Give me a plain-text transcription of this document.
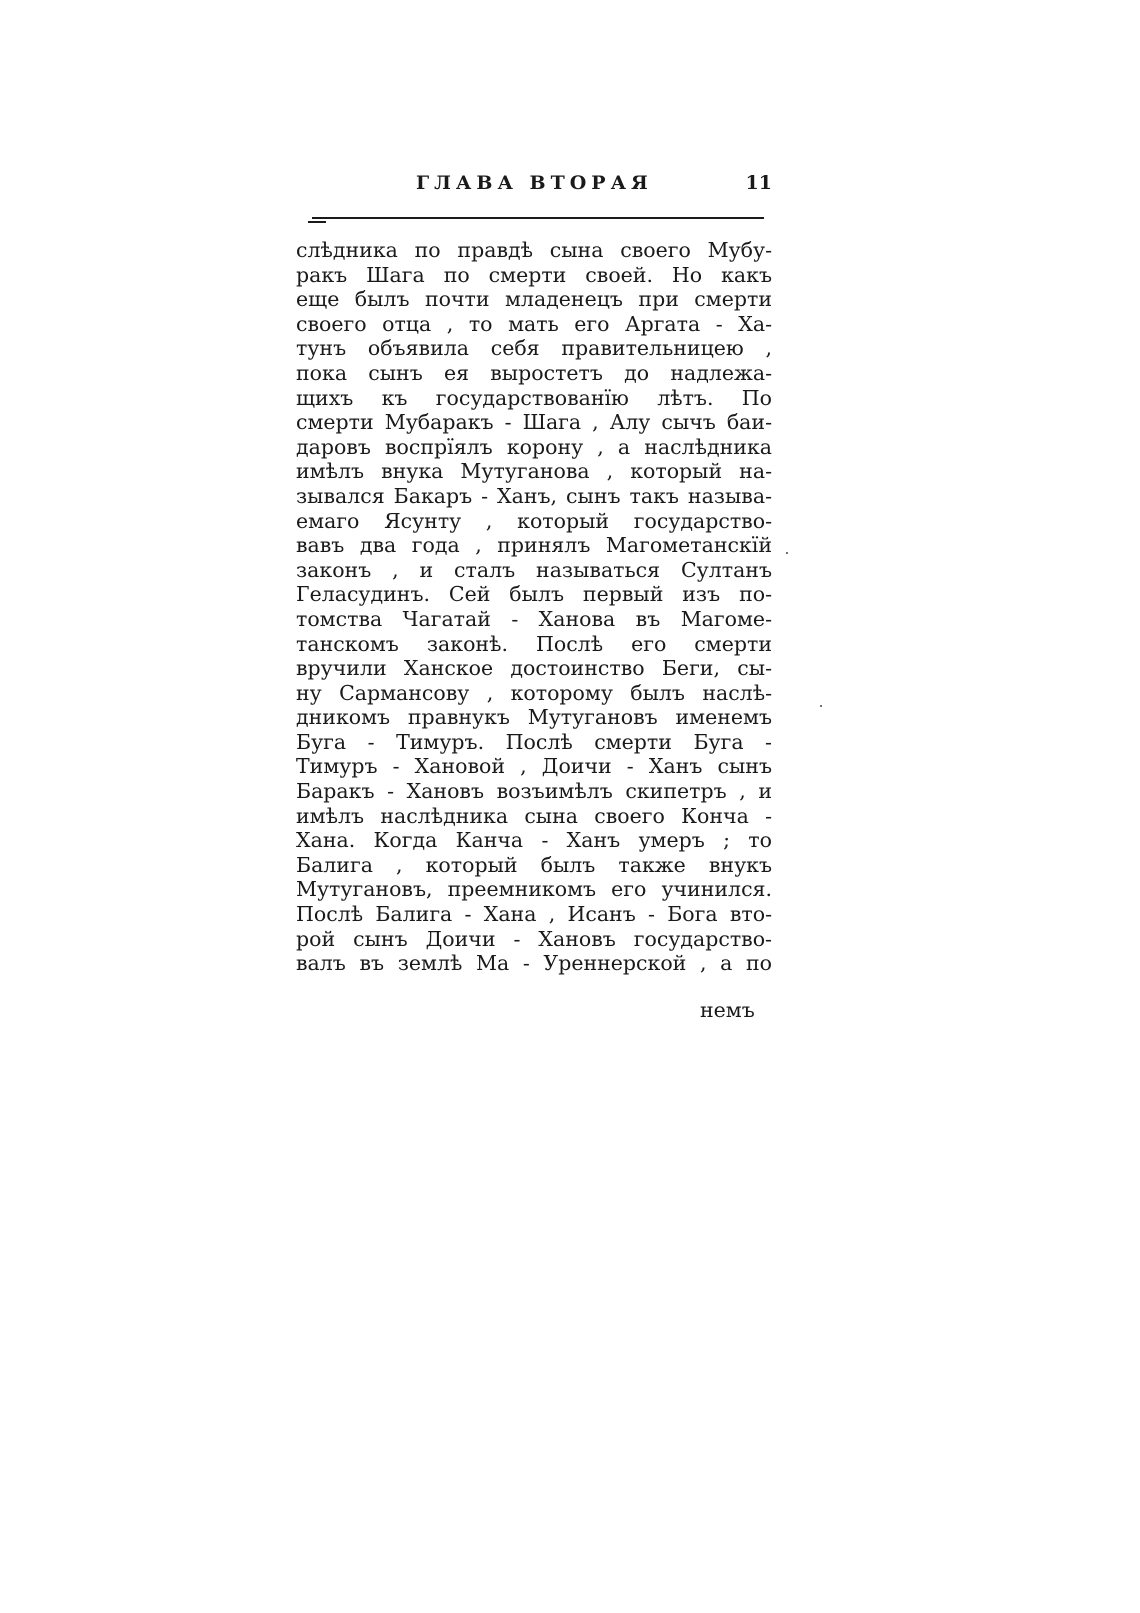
ГЛАВА ВТОРАЯ	11
слѣдника по правдѣ сына своего Мубу-
ракъ Шага по смерти своей. Но какъ
еще былъ почти младенецъ при смерти
своего отца , то мать его Аргата - Ха-
тунъ объявила себя правительницею ,
пока сынъ ея выростетъ до надлежа-
щихъ къ государствованїю лѣтъ. По
смерти Мубаракъ - Шага , Алу сычъ баи-
даровъ воспрїялъ корону , а наслѣдника
имѣлъ внука Мутуганова , который на-
зывался Бакаръ - Ханъ, сынъ такъ называ-
емаго Ясунту , который государство-
вавъ два года , принялъ Магометанскїй
законъ , и сталъ называться Султанъ
Геласудинъ. Сей былъ первый изъ по-
томства Чагатай - Ханова въ Магоме-
танскомъ законѣ. Послѣ его смерти
вручили Ханское достоинство Беги, сы-
ну Сармансову , которому былъ наслѣ-
дникомъ правнукъ Мутугановъ именемъ
Буга - Тимуръ. Послѣ смерти Буга -
Тимуръ - Хановой , Доичи - Ханъ сынъ
Баракъ - Хановъ возъимѣлъ скипетръ , и
имѣлъ наслѣдника сына своего Конча -
Хана. Когда Канча - Ханъ умеръ ; то
Балига , который былъ также внукъ
Мутугановъ, преемникомъ его учинился.
Послѣ Балига - Хана , Исанъ - Бога вто-
рой сынъ Доичи - Хановъ государство-
валъ въ землѣ Ма - Уреннерской , а по
немъ
